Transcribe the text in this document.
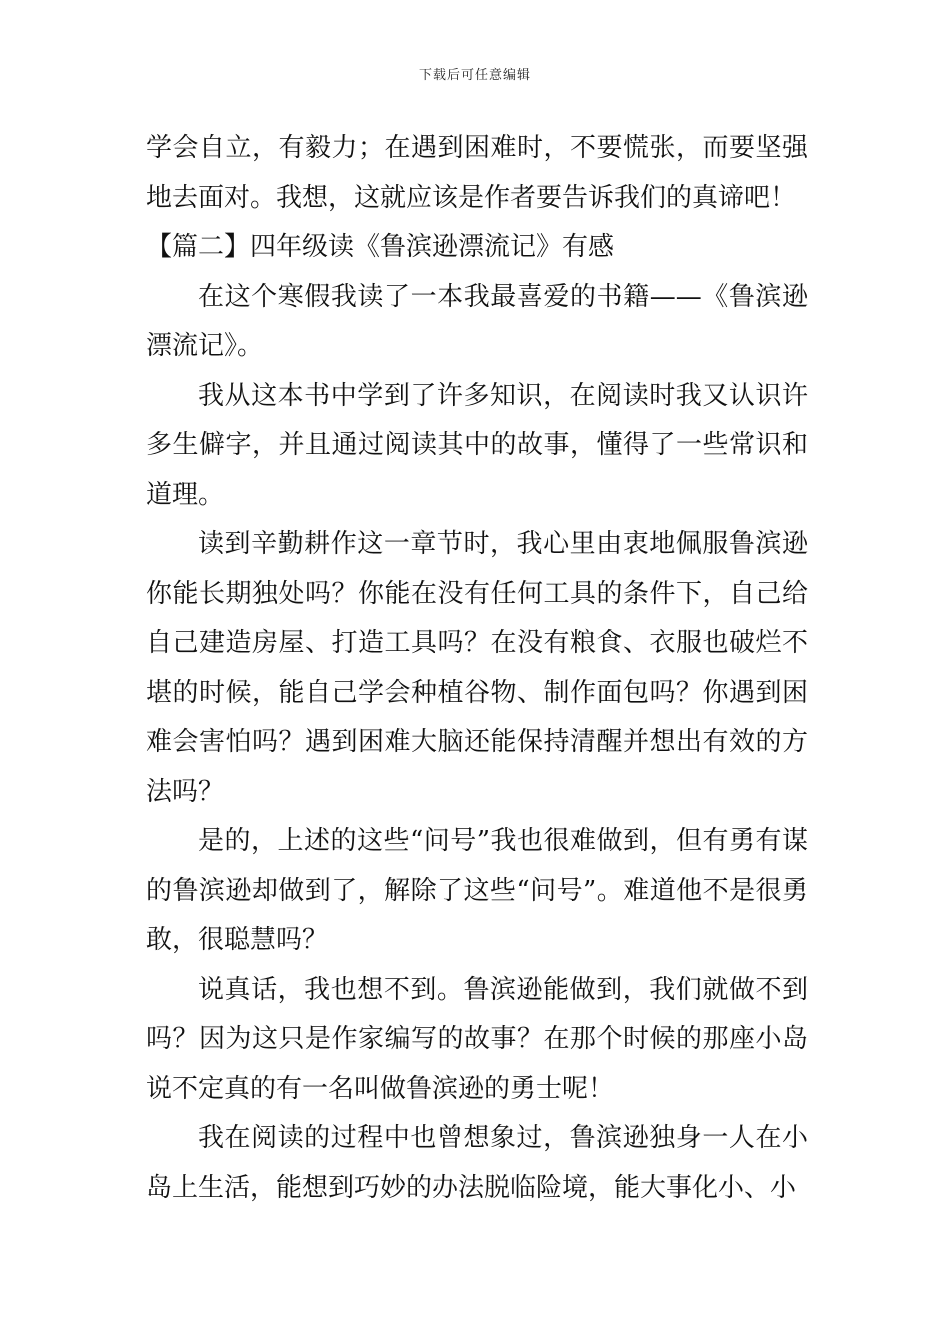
下载后可任意编辑

学会自立，有毅力；在遇到困难时，不要慌张，而要坚强地去面对。我想，这就应该是作者要告诉我们的真谛吧！

【篇二】四年级读《鲁滨逊漂流记》有感

在这个寒假我读了一本我最喜爱的书籍——《鲁滨逊漂流记》。

我从这本书中学到了许多知识，在阅读时我又认识许多生僻字，并且通过阅读其中的故事，懂得了一些常识和道理。

读到辛勤耕作这一章节时，我心里由衷地佩服鲁滨逊你能长期独处吗？你能在没有任何工具的条件下，自己给自己建造房屋、打造工具吗？在没有粮食、衣服也破烂不堪的时候，能自己学会种植谷物、制作面包吗？你遇到困难会害怕吗？遇到困难大脑还能保持清醒并想出有效的方法吗？

是的，上述的这些“问号”我也很难做到，但有勇有谋的鲁滨逊却做到了，解除了这些“问号”。难道他不是很勇敢，很聪慧吗？

说真话，我也想不到。鲁滨逊能做到，我们就做不到吗？因为这只是作家编写的故事？在那个时候的那座小岛说不定真的有一名叫做鲁滨逊的勇士呢！

我在阅读的过程中也曾想象过，鲁滨逊独身一人在小岛上生活，能想到巧妙的办法脱临险境，能大事化小、小
